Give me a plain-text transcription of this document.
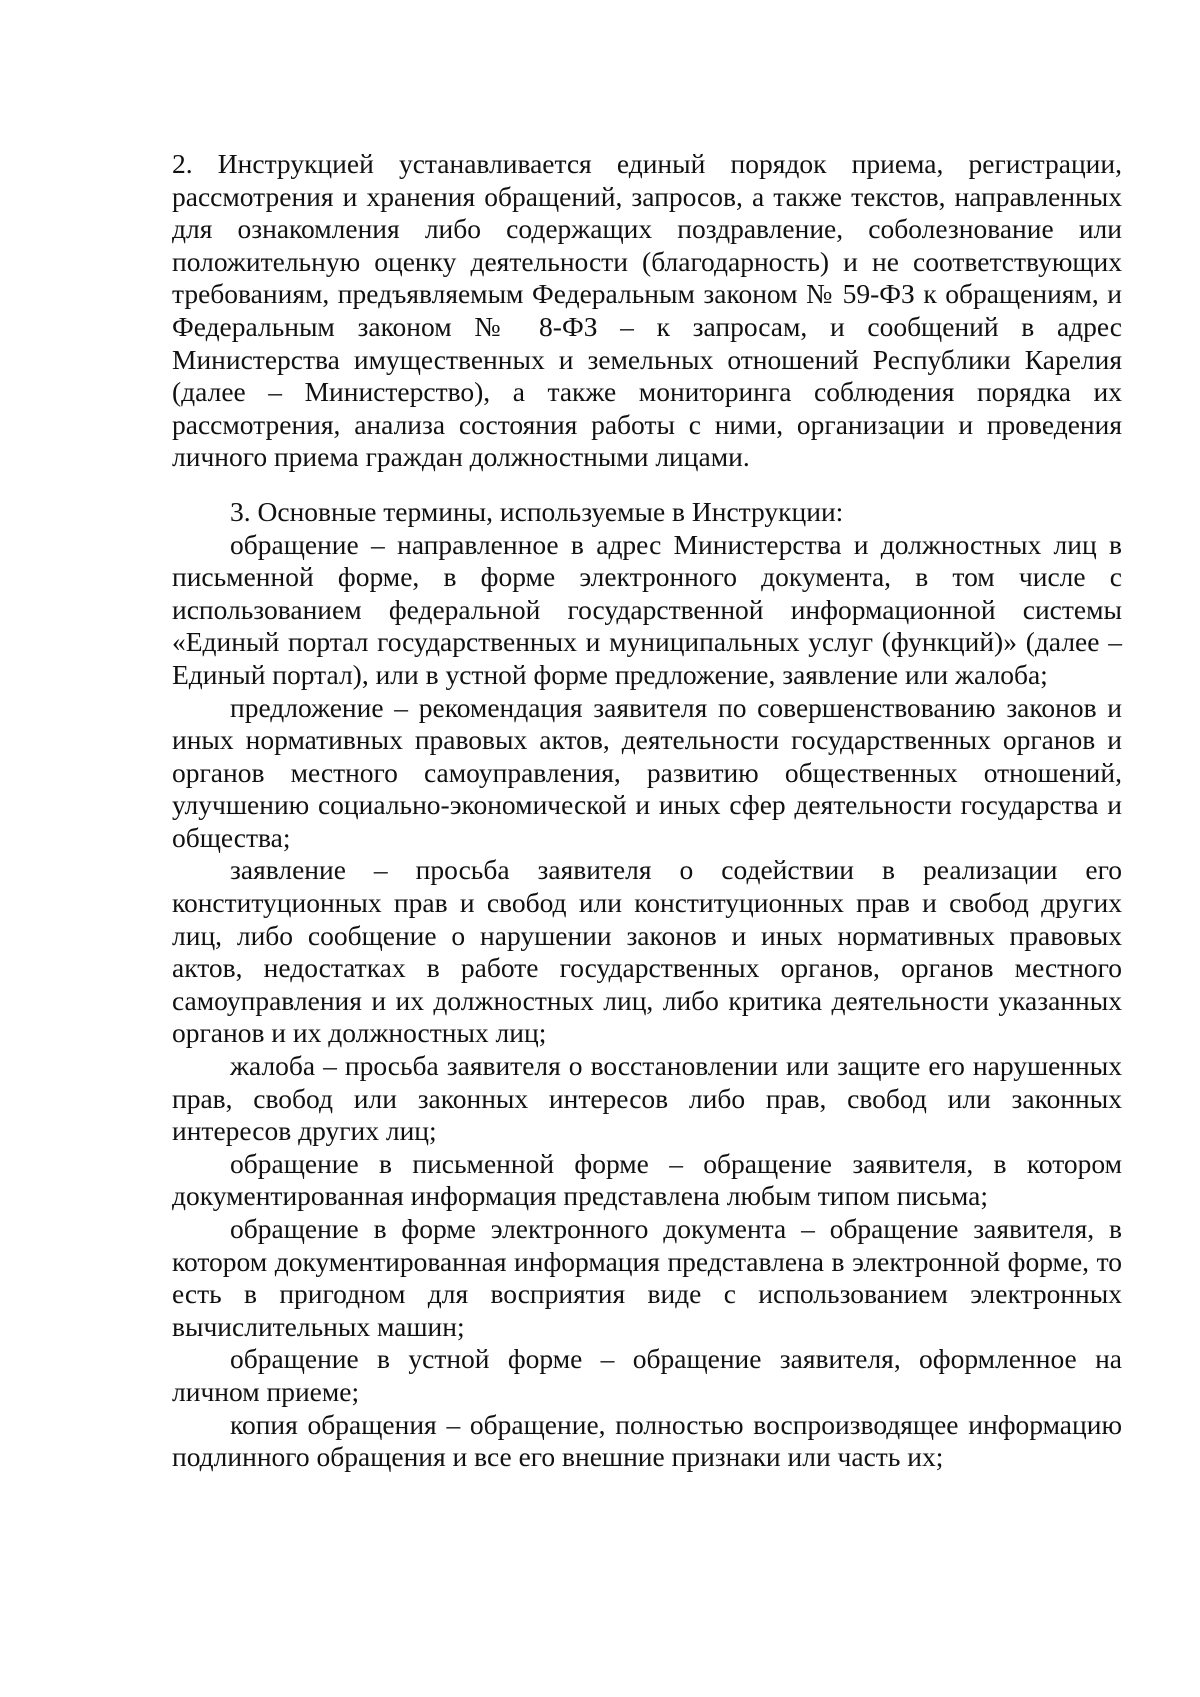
2. Инструкцией устанавливается единый порядок приема, регистрации, рассмотрения и хранения обращений, запросов, а также текстов, направленных для ознакомления либо содержащих поздравление, соболезнование или положительную оценку деятельности (благодарность) и не соответствующих требованиям, предъявляемым Федеральным законом № 59-ФЗ к обращениям, и Федеральным законом № 8-ФЗ – к запросам, и сообщений в адрес Министерства имущественных и земельных отношений Республики Карелия (далее – Министерство), а также мониторинга соблюдения порядка их рассмотрения, анализа состояния работы с ними, организации и проведения личного приема граждан должностными лицами.

3. Основные термины, используемые в Инструкции:

обращение – направленное в адрес Министерства и должностных лиц в письменной форме, в форме электронного документа, в том числе с использованием федеральной государственной информационной системы «Единый портал государственных и муниципальных услуг (функций)» (далее – Единый портал), или в устной форме предложение, заявление или жалоба;

предложение – рекомендация заявителя по совершенствованию законов и иных нормативных правовых актов, деятельности государственных органов и органов местного самоуправления, развитию общественных отношений, улучшению социально-экономической и иных сфер деятельности государства и общества;

заявление – просьба заявителя о содействии в реализации его конституционных прав и свобод или конституционных прав и свобод других лиц, либо сообщение о нарушении законов и иных нормативных правовых актов, недостатках в работе государственных органов, органов местного самоуправления и их должностных лиц, либо критика деятельности указанных органов и их должностных лиц;

жалоба – просьба заявителя о восстановлении или защите его нарушенных прав, свобод или законных интересов либо прав, свобод или законных интересов других лиц;

обращение в письменной форме – обращение заявителя, в котором документированная информация представлена любым типом письма;

обращение в форме электронного документа – обращение заявителя, в котором документированная информация представлена в электронной форме, то есть в пригодном для восприятия виде с использованием электронных вычислительных машин;

обращение в устной форме – обращение заявителя, оформленное на личном приеме;

копия обращения – обращение, полностью воспроизводящее информацию подлинного обращения и все его внешние признаки или часть их;
